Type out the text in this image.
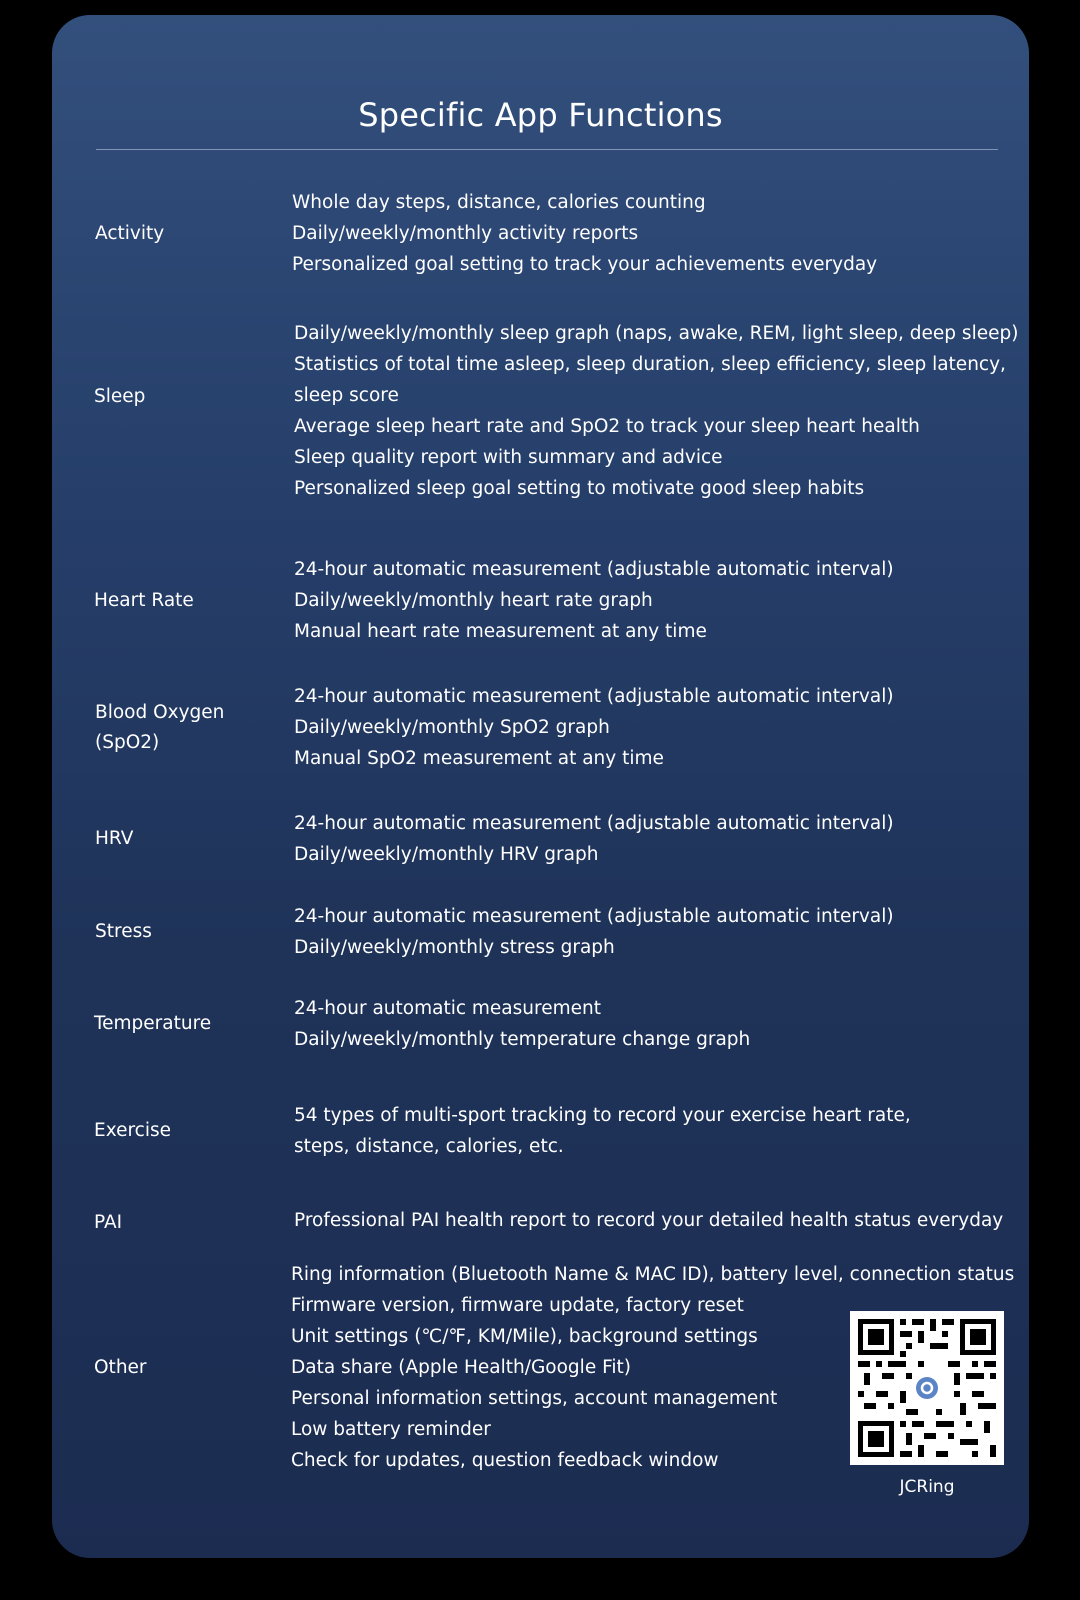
Specific App Functions
Activity
Whole day steps, distance, calories counting
Daily/weekly/monthly activity reports
Personalized goal setting to track your achievements everyday
Sleep
Daily/weekly/monthly sleep graph (naps, awake, REM, light sleep, deep sleep)
Statistics of total time asleep, sleep duration, sleep efficiency, sleep latency, sleep score
Average sleep heart rate and SpO2 to track your sleep heart health
Sleep quality report with summary and advice
Personalized sleep goal setting to motivate good sleep habits
Heart Rate
24-hour automatic measurement (adjustable automatic interval)
Daily/weekly/monthly heart rate graph
Manual heart rate measurement at any time
Blood Oxygen (SpO2)
24-hour automatic measurement (adjustable automatic interval)
Daily/weekly/monthly SpO2 graph
Manual SpO2 measurement at any time
HRV
24-hour automatic measurement (adjustable automatic interval)
Daily/weekly/monthly HRV graph
Stress
24-hour automatic measurement (adjustable automatic interval)
Daily/weekly/monthly stress graph
Temperature
24-hour automatic measurement
Daily/weekly/monthly temperature change graph
Exercise
54 types of multi-sport tracking to record your exercise heart rate, steps, distance, calories, etc.
PAI	Professional PAI health report to record your detailed health status everyday
Other
Ring information (Bluetooth Name & MAC ID), battery level, connection status
Firmware version, firmware update, factory reset
Unit settings (℃/℉, KM/Mile), background settings
Data share (Apple Health/Google Fit)
Personal information settings, account management
Low battery reminder
Check for updates, question feedback window
JCRing
